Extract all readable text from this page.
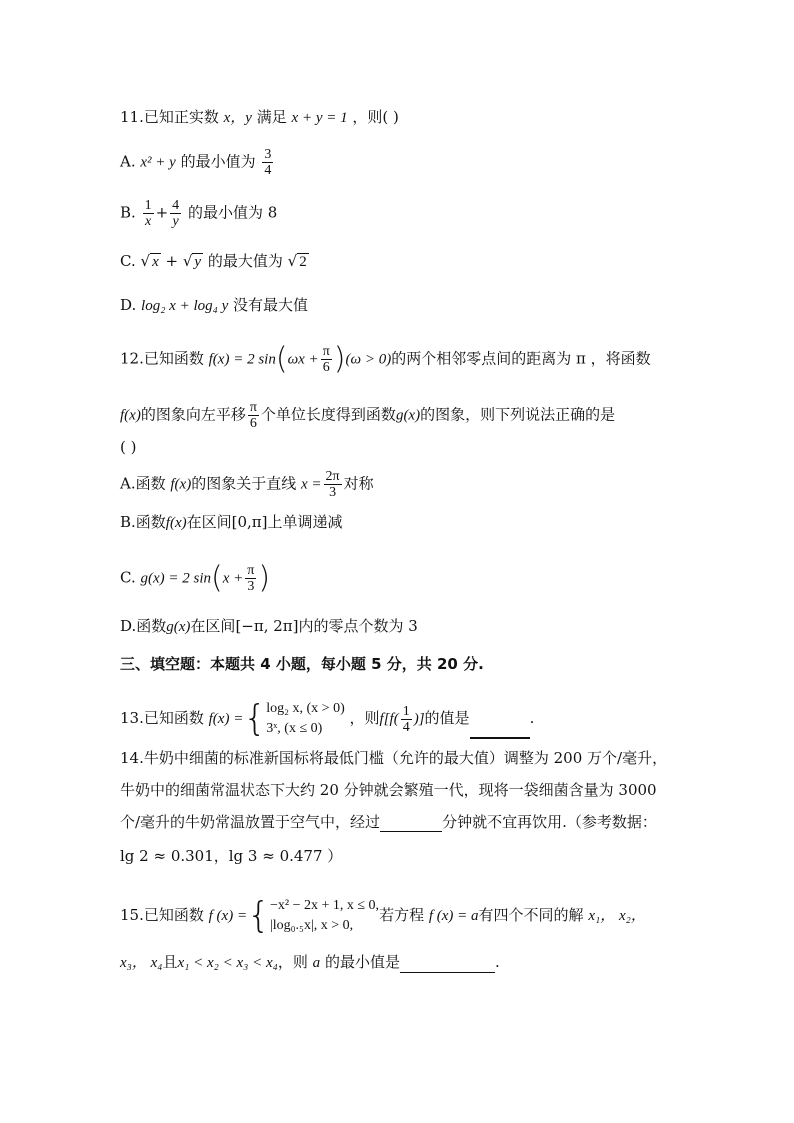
11.已知正实数 x，y 满足 x + y = 1 ，则( )
A. x² + y 的最小值为 $\frac{3}{4}$
B. $\frac{1}{x} + \frac{4}{y}$ 的最小值为 8
C. √ x + √ y 的最大值为 √ 2
D. log₂ x + log₄ y 没有最大值
12.已知函数 f(x) = 2 $\sin(\omega x + \frac{\pi}{6} )(\omega > 0)$的两个相邻零点间的距离为 π ，将函数
f(x)的图象向左平移 $\frac{\pi}{6}$ 个单位长度得到函数g(x)的图象，则下列说法正确的是
( )
A.函数 f(x)的图象关于直线 $x = \frac{2\pi}{3}$ 对称
B.函数f(x)在区间[0,π]上单调递减
C. g(x) = 2 $\sin(x + \frac{\pi}{3}$ )
D.函数g(x)在区间[−π, 2π]内的零点个数为 3
三、填空题：本题共 4 小题，每小题 5 分，共 20 分.
13.已知函数 f(x) ={ log₂ x, (x > 0)
3ˣ, (x ≤ 0)
，则$f[f( \frac{1}{4}$ )]的值是	.
14.牛奶中细菌的标准新国标将最低门槛（允许的最大值）调整为 200 万个/毫升，
牛奶中的细菌常温状态下大约 20 分钟就会繁殖一代，现将一袋细菌含量为 3000
个/毫升的牛奶常温放置于空气中，经过	分钟就不宜再饮用.（参考数据：
lg 2 ≈ 0.301，lg 3 ≈ 0.477 ）
15.已知函数 f (x) ={ −x² − 2x + 1, x ≤ 0,
|log₀.₅x|, x > 0,
若方程 f (x) = a有四个不同的解 x₁， x₂，
x₃， x₄且x₁ < x₂ < x₃ < x₄，则 a 的最小值是	.
